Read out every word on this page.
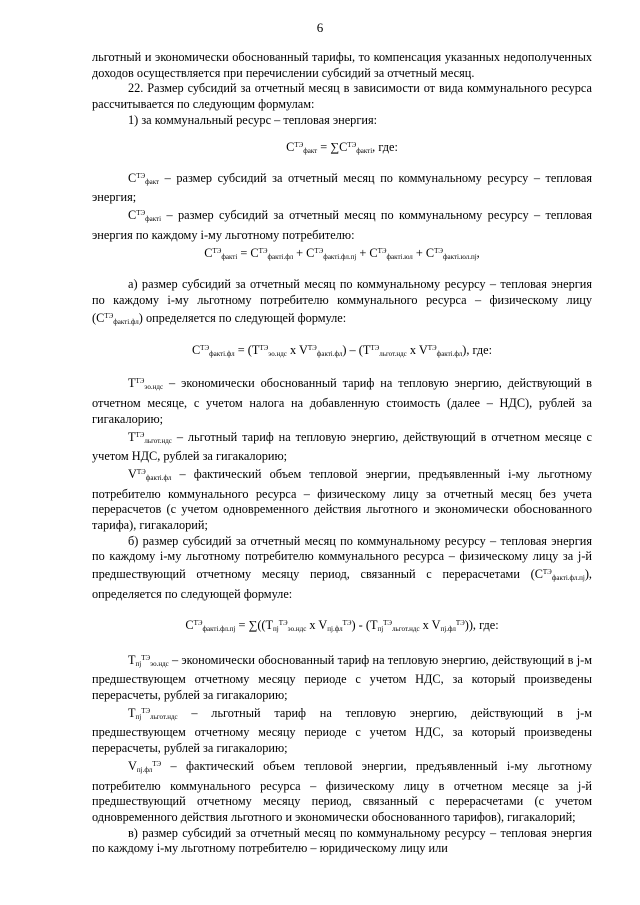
6

льготный и экономически обоснованный тарифы, то компенсация указанных недополученных доходов осуществляется при перечислении субсидий за отчетный месяц.

22. Размер субсидий за отчетный месяц в зависимости от вида коммунального ресурса рассчитывается по следующим формулам:

1) за коммунальный ресурс – тепловая энергия:

$C^{ТЭ}_{факт} = \sum C^{ТЭ}_{фактi}$, где:

$C^{ТЭ}_{факт}$ – размер субсидий за отчетный месяц по коммунальному ресурсу – тепловая энергия;

$C^{ТЭ}_{фактi}$ – размер субсидий за отчетный месяц по коммунальному ресурсу – тепловая энергия по каждому i-му льготному потребителю:

$C^{ТЭ}_{фактi} = C^{ТЭ}_{фактi.фл} + C^{ТЭ}_{фактi.фл.пj} + C^{ТЭ}_{фактi.юл} + C^{ТЭ}_{фактi.юл.пj}$,

а) размер субсидий за отчетный месяц по коммунальному ресурсу – тепловая энергия по каждому i-му льготному потребителю коммунального ресурса – физическому лицу $(C^{ТЭ}_{фактi.фл})$ определяется по следующей формуле:

$C^{ТЭ}_{фактi.фл} = (T^{ТЭ}_{эо.ндс}$ x $V^{ТЭ}_{фактi.фл}) - (T^{ТЭ}_{льгот.ндс}$ x $V^{ТЭ}_{фактi.фл}$), где:

$T^{ТЭ}_{эо.ндс}$ – экономически обоснованный тариф на тепловую энергию, действующий в отчетном месяце, с учетом налога на добавленную стоимость (далее – НДС), рублей за гигакалорию;

$T^{ТЭ}_{льгот.ндс}$ – льготный тариф на тепловую энергию, действующий в отчетном месяце с учетом НДС, рублей за гигакалорию;

$V^{ТЭ}_{фактi.фл}$ – фактический объем тепловой энергии, предъявленный i-му льготному потребителю коммунального ресурса – физическому лицу за отчетный месяц без учета перерасчетов (с учетом одновременного действия льготного и экономически обоснованного тарифа), гигакалорий;

б) размер субсидий за отчетный месяц по коммунальному ресурсу – тепловая энергия по каждому i-му льготному потребителю коммунального ресурса – физическому лицу за j-й предшествующий отчетному месяцу период, связанный с перерасчетами $(C^{ТЭ}_{фактi.фл.пj})$, определяется по следующей формуле:

$C^{ТЭ}_{фактi.фл.пj} = \sum((T_{пj}^{ТЭ}_{эо.ндс}$ x $V_{пj.фл}^{ТЭ}) - (T_{пj}^{ТЭ}_{льгот.ндс}$ x $V_{пj.фл}^{ТЭ}$)), где:

$T_{пj}^{ТЭ}_{эо.ндс}$ – экономически обоснованный тариф на тепловую энергию, действующий в j-м предшествующем отчетному месяцу периоде с учетом НДС, за который произведены перерасчеты, рублей за гигакалорию;

$T_{пj}^{ТЭ}_{льгот.ндс}$ – льготный тариф на тепловую энергию, действующий в j-м предшествующем отчетному месяцу периоде с учетом НДС, за который произведены перерасчеты, рублей за гигакалорию;

$V_{пj.фл}^{ТЭ}$ – фактический объем тепловой энергии, предъявленный i-му льготному потребителю коммунального ресурса – физическому лицу в отчетном месяце за j-й предшествующий отчетному месяцу период, связанный с перерасчетами (с учетом одновременного действия льготного и экономически обоснованного тарифов), гигакалорий;

в) размер субсидий за отчетный месяц по коммунальному ресурсу – тепловая энергия по каждому i-му льготному потребителю – юридическому лицу или
